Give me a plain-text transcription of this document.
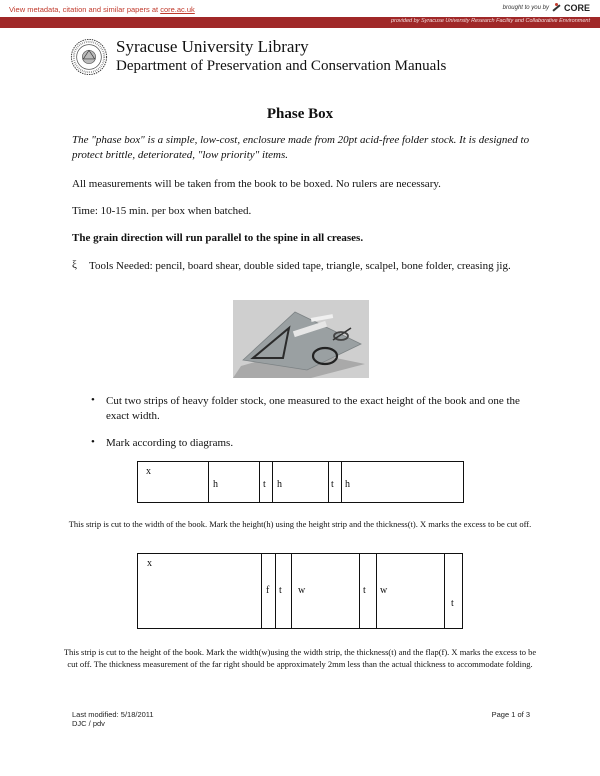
View metadata, citation and similar papers at core.ac.uk	brought to you by CORE
provided by Syracuse University Research Facility and Collaborative Environment
Syracuse University Library
Department of Preservation and Conservation Manuals
Phase Box
The "phase box" is a simple, low-cost, enclosure made from 20pt acid-free folder stock. It is designed to protect brittle, deteriorated, "low priority" items.
All measurements will be taken from the book to be boxed. No rulers are necessary.
Time: 10-15 min. per box when batched.
The grain direction will run parallel to the spine in all creases.
ξ Tools Needed: pencil, board shear, double sided tape, triangle, scalpel, bone folder, creasing jig.
• Cut two strips of heavy folder stock, one measured to the exact height of the book and one the exact width.
• Mark according to diagrams.
x
h	t h	t h
This strip is cut to the width of the book. Mark the height(h) using the height strip and the thickness(t). X marks the excess to be cut off.
x
f t w	t w
t
This strip is cut to the height of the book. Mark the width(w)using the width strip, the thickness(t) and the flap(f). X marks the excess to be cut off. The thickness measurement of the far right should be approximately 2mm less than the actual thickness to accommodate folding.
Last modified: 5/18/2011
DJC / pdv
Page 1 of 3
